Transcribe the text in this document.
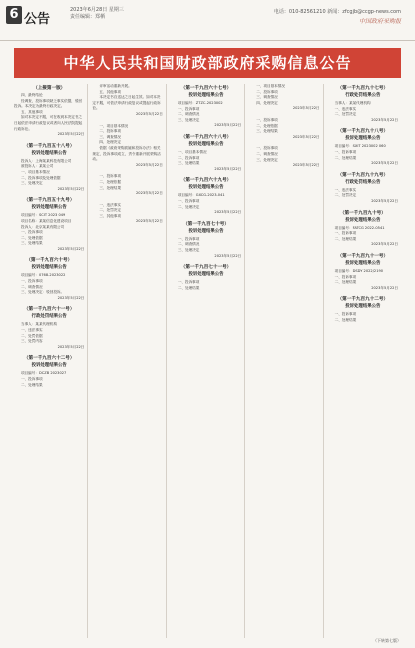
6 公告
2023年6月28日 星期三
责任编辑：郑栖
电话：010-82561210 新闻：zfcgjb@ccgp-news.com
中国政府采购报
中华人民共和国财政部政府采购信息公告
（上接第一版）

四、最终结论

经调查，投诉事项缺乏事实依据，驳回投诉。本决定为最终行政决定。

五、其他事项

如对本决定不服，可在收到本决定书之日起依法申请行政复议或者向人民法院提起行政诉讼。

2023年5月22日
（第一千九百五十八号）
投诉处理结果公告

投诉人：上海某某科技有限公司

被投诉人：某某公司

一、项目基本情况

二、投诉事项及处理依据

三、处理决定

2023年5月22日
（第一千九百五十九号）
投诉处理结果公告

项目编号：SCIT 2023 049

项目名称：某某信息化建设项目

投诉人：北京某某有限公司

一、投诉事项

二、处理依据

三、处理结果

2023年5月22日
（第一千九百六十号）
投诉处理结果公告

项目编号：0768-2023022

一、投诉事项

二、调查情况

三、处理决定：驳回投诉。

2023年5月22日
（第一千九百六十一号）
行政处罚结果公告

当事人：某某代理机构

一、违法事实

二、处罚依据

三、处罚内容

2023年5月22日
（第一千九百六十二号）
投诉处理结果公告

项目编号：DCZB 2023027

一、投诉事项

二、处理结果

评审活动重新开展。

五、其他事项

本决定书自送达之日起生效。如对本决定不服，可依法申请行政复议或提起行政诉讼。

2023年5月22日

一、项目基本情况

二、投诉事项

三、调查情况

四、处理决定

依据《政府采购质疑和投诉办法》相关规定，投诉事项成立，责令重新开展采购活动。

2023年5月22日

一、投诉事项

二、处理依据

三、处理结果

2023年5月22日

一、违法事实

二、处罚决定

三、其他事项

2023年5月22日
（第一千九百六十七号）
投诉处理结果公告

项目编号：ZTZC-2023002

一、投诉事项

二、调查情况

三、处理决定

2023年5月22日
（第一千九百六十八号）
投诉处理结果公告

一、项目基本情况

二、投诉事项

三、处理结果

2023年5月22日
（第一千九百六十九号）
投诉处理结果公告

项目编号：GXCG-2023-041

一、投诉事项

二、处理决定

2023年5月22日
（第一千九百七十号）
投诉处理结果公告

一、投诉事项

二、调查情况

三、处理决定

2023年5月22日
（第一千九百七十一号）
投诉处理结果公告

一、投诉事项

二、处理结果

一、项目基本情况

二、投诉事项

三、调查情况

四、处理决定

2023年5月22日

一、投诉事项

二、处理依据

三、处理结果

2023年5月22日

一、投诉事项

二、调查情况

三、处理决定

2023年5月22日
（第一千九百九十七号）
行政处罚结果公告

当事人：某某代理机构

一、违法事实

二、处罚决定

2023年5月22日
（第一千九百九十八号）
投诉处理结果公告

项目编号：SXIT 2023002 060

一、投诉事项

二、处理结果

2023年5月22日
（第一千九百九十九号）
行政处罚结果公告

一、违法事实

二、处罚决定

2023年5月22日
（第一千九百九十号）
投诉处理结果公告

项目编号：FATCG 2022-0541

一、投诉事项

二、处理结果

2023年5月22日
（第一千九百九十一号）
投诉处理结果公告

项目编号：DSDY 2022/2190

一、投诉事项

二、处理结果

2023年5月22日
（第一千九百九十二号）
投诉处理结果公告

一、投诉事项

二、处理结果

（下转第七版）
